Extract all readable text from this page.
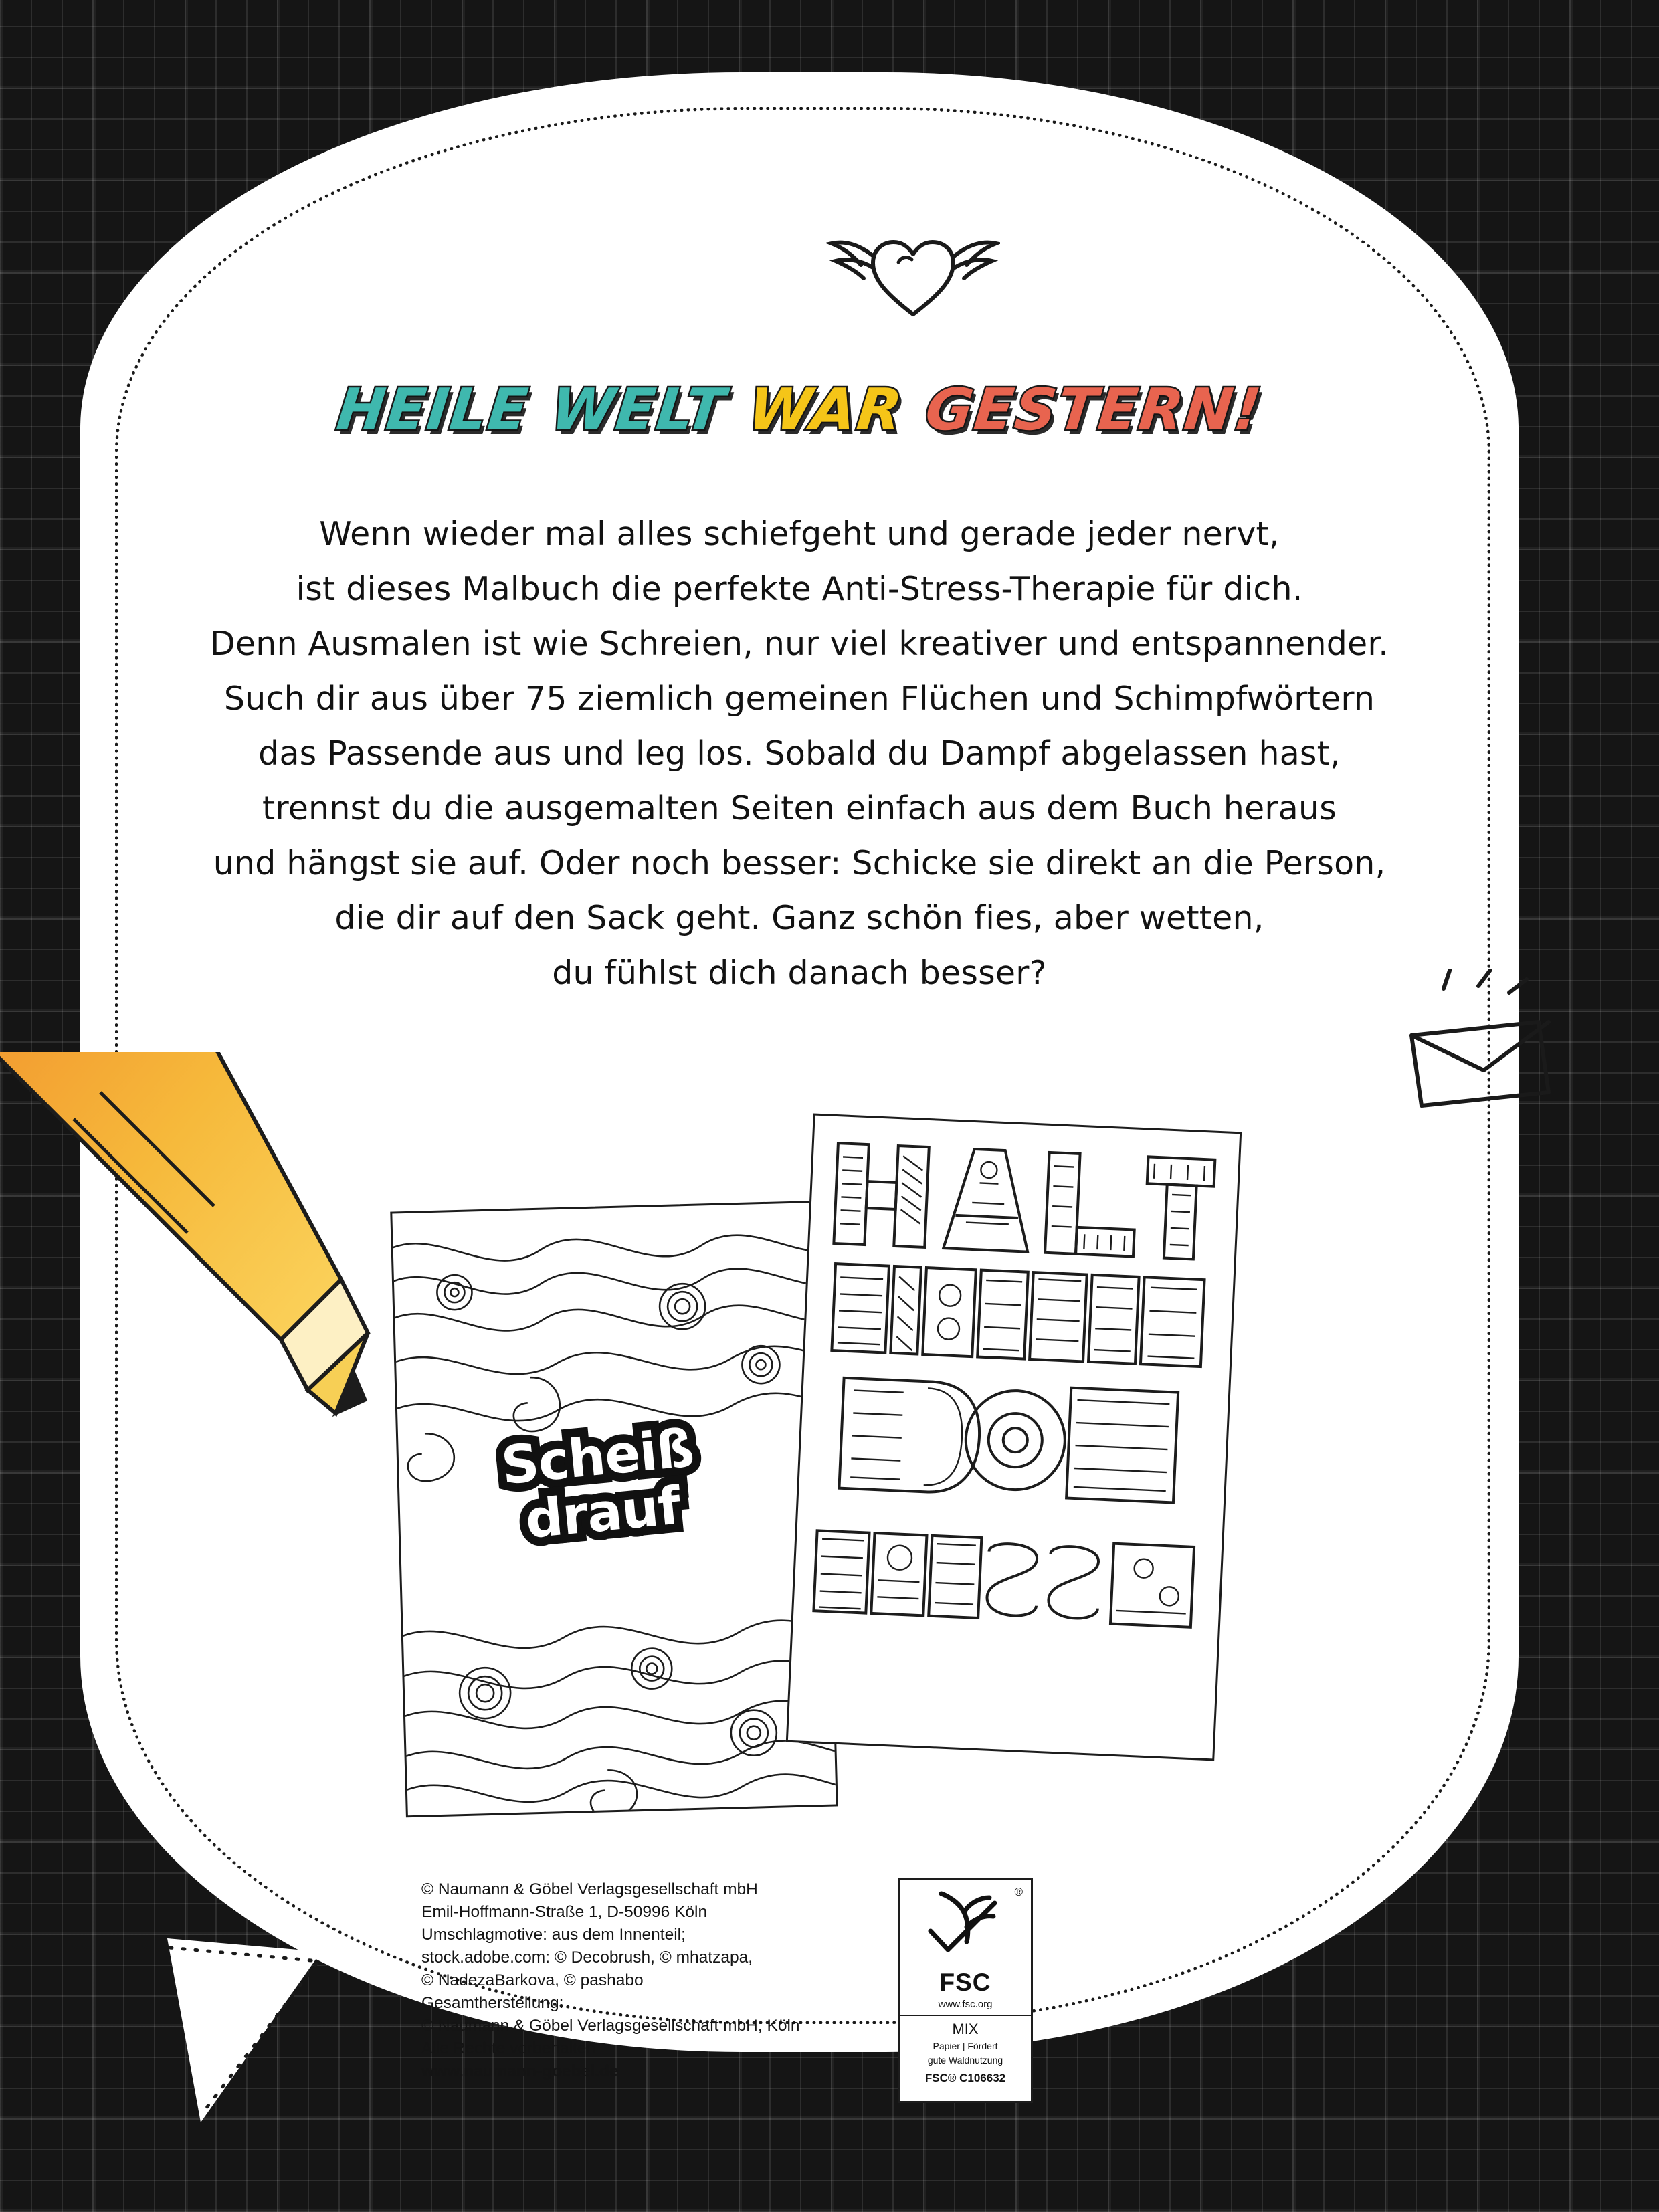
HEILE WELT WAR GESTERN!
Wenn wieder mal alles schiefgeht und gerade jeder nervt,
ist dieses Malbuch die perfekte Anti-Stress-Therapie für dich.
Denn Ausmalen ist wie Schreien, nur viel kreativer und entspannender.
Such dir aus über 75 ziemlich gemeinen Flüchen und Schimpfwörtern
das Passende aus und leg los. Sobald du Dampf abgelassen hast,
trennst du die ausgemalten Seiten einfach aus dem Buch heraus
und hängst sie auf. Oder noch besser: Schicke sie direkt an die Person,
die dir auf den Sack geht. Ganz schön fies, aber wetten,
du fühlst dich danach besser?
Scheiß
drauf
© Naumann & Göbel Verlagsgesellschaft mbH
Emil-Hoffmann-Straße 1, D-50996 Köln
Umschlagmotive: aus dem Innenteil;
stock.adobe.com: © Decobrush, © mhatzapa,
© NadezaBarkova, © pashabo
Gesamtherstellung:
© Naumann & Göbel Verlagsgesellschaft mbH, Köln
Alle Rechte vorbehalten
www.naumann-goebel.de
®
FSC
www.fsc.org
MIX
Papier | Fördert
gute Waldnutzung
FSC® C106632
